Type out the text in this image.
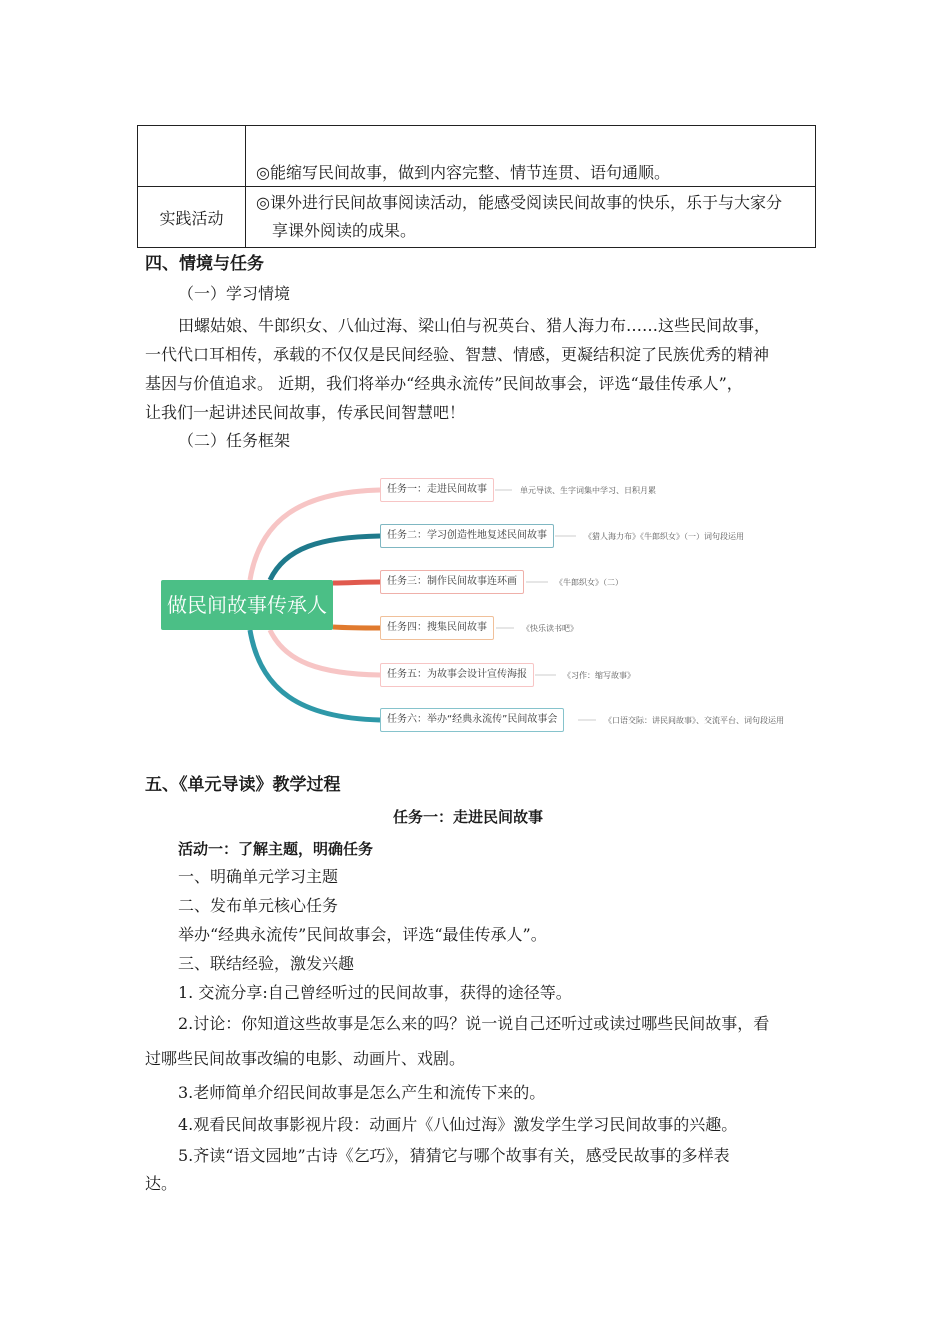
	◎能缩写民间故事，做到内容完整、情节连贯、语句通顺。
实践活动	◎课外进行民间故事阅读活动，能感受阅读民间故事的快乐，乐于与大家分
享课外阅读的成果。
四、情境与任务
（一）学习情境
田螺姑娘、牛郎织女、八仙过海、梁山伯与祝英台、猎人海力布……这些民间故事，
一代代口耳相传，承载的不仅仅是民间经验、智慧、情感，更凝结积淀了民族优秀的精神
基因与价值追求。 近期，我们将举办“经典永流传”民间故事会，评选“最佳传承人”，
让我们一起讲述民间故事，传承民间智慧吧！
（二）任务框架
做民间故事传承人
任务一：走进民间故事	单元导读、生字词集中学习、日积月累
任务二：学习创造性地复述民间故事	《猎人海力布》《牛郎织女》（一）词句段运用
任务三：制作民间故事连环画	《牛郎织女》（二）
任务四：搜集民间故事	《快乐读书吧》
任务五：为故事会设计宣传海报	《习作：缩写故事》
任务六：举办“经典永流传”民间故事会	《口语交际：讲民间故事》、交流平台、词句段运用
五、《单元导读》教学过程
任务一：走进民间故事
活动一：了解主题，明确任务
一、明确单元学习主题
二、发布单元核心任务
举办“经典永流传”民间故事会，评选“最佳传承人”。
三、联结经验，激发兴趣
1. 交流分享:自己曾经听过的民间故事，获得的途径等。
2.讨论：你知道这些故事是怎么来的吗？说一说自己还听过或读过哪些民间故事，看
过哪些民间故事改编的电影、动画片、戏剧。
3.老师简单介绍民间故事是怎么产生和流传下来的。
4.观看民间故事影视片段：动画片《八仙过海》激发学生学习民间故事的兴趣。
5.齐读“语文园地”古诗《乞巧》，猜猜它与哪个故事有关，感受民故事的多样表
达。
